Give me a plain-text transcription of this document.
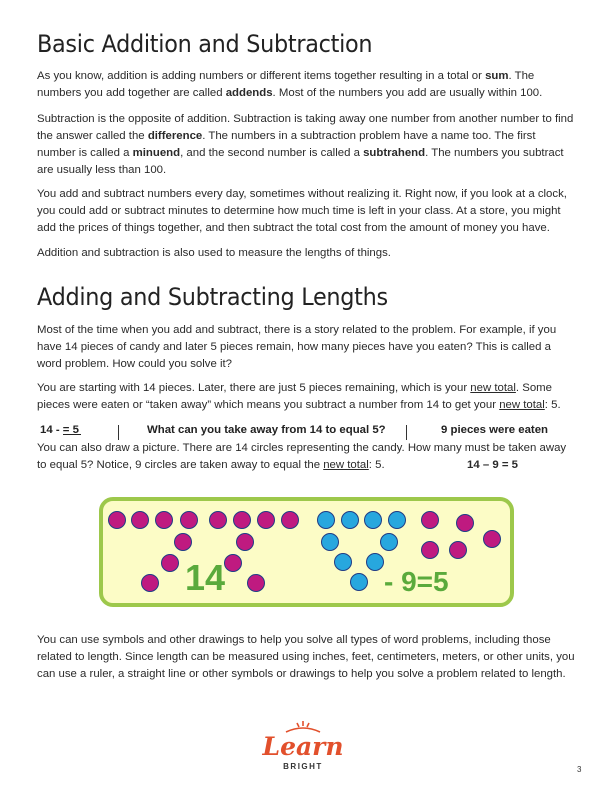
Basic Addition and Subtraction

As you know, addition is adding numbers or different items together resulting in a total or sum. The numbers you add together are called addends. Most of the numbers you add are usually within 100.

Subtraction is the opposite of addition. Subtraction is taking away one number from another number to find the answer called the difference. The numbers in a subtraction problem have a name too. The first number is called a minuend, and the second number is called a subtrahend. The numbers you subtract are usually less than 100.

You add and subtract numbers every day, sometimes without realizing it. Right now, if you look at a clock, you could add or subtract minutes to determine how much time is left in your class. At a store, you might add the prices of things together, and then subtract the total cost from the amount of money you have.

Addition and subtraction is also used to measure the lengths of things.

Adding and Subtracting Lengths

Most of the time when you add and subtract, there is a story related to the problem. For example, if you have 14 pieces of candy and later 5 pieces remain, how many pieces have you eaten? This is called a word problem. How could you solve it?

You are starting with 14 pieces. Later, there are just 5 pieces remaining, which is your new total. Some pieces were eaten or “taken away” which means you subtract a number from 14 to get your new total: 5.

14 -
= 5	What can you take away from 14 to equal 5?	9 pieces were eaten

You can also draw a picture. There are 14 circles representing the candy. How many must be taken away to equal 5? Notice, 9 circles are taken away to equal the new total: 5.	14 – 9 = 5

14	- 9=5

You can use symbols and other drawings to help you solve all types of word problems, including those related to length. Since length can be measured using inches, feet, centimeters, meters, or other units, you can use a ruler, a straight line or other symbols or drawings to help you solve a problem related to length.

Learn
BRIGHT	3
